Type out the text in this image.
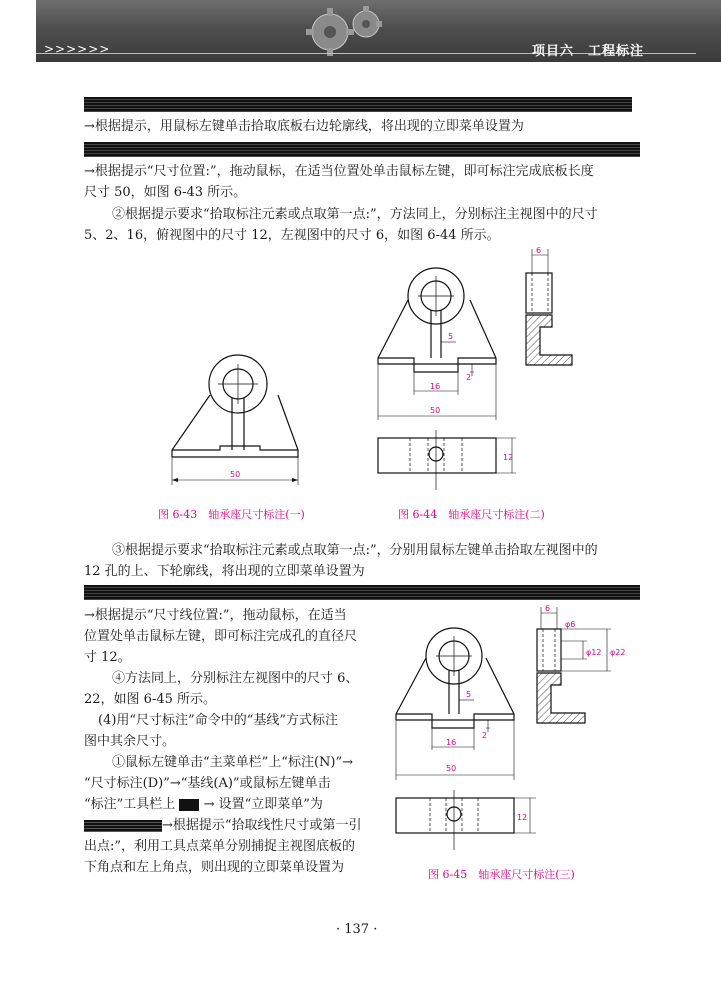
>>>>>>	项目六　工程标注
→根据提示，用鼠标左键单击拾取底板右边轮廓线，将出现的立即菜单设置为
→根据提示“尺寸位置:”，拖动鼠标，在适当位置处单击鼠标左键，即可标注完成底板长度
尺寸 50，如图 6-43 所示。
②根据提示要求“拾取标注元素或点取第一点:”，方法同上，分别标注主视图中的尺寸
5、2、16，俯视图中的尺寸 12，左视图中的尺寸 6，如图 6-44 所示。
50
图 6-43　轴承座尺寸标注(一)
5
2
16
50
6
12
图 6-44　轴承座尺寸标注(二)
③根据提示要求“拾取标注元素或点取第一点:”，分别用鼠标左键单击拾取左视图中的
12 孔的上、下轮廓线，将出现的立即菜单设置为
→根据提示“尺寸线位置:”，拖动鼠标，在适当
位置处单击鼠标左键，即可标注完成孔的直径尺
寸 12。
④方法同上，分别标注左视图中的尺寸 6、
22，如图 6-45 所示。
(4)用“尺寸标注”命令中的“基线”方式标注
图中其余尺寸。
①鼠标左键单击“主菜单栏”上“标注(N)”→
“尺寸标注(D)”→“基线(A)”或鼠标左键单击
“标注”工具栏上 → 设置“立即菜单”为
→根据提示“拾取线性尺寸或第一引
出点:”，利用工具点菜单分别捕捉主视图底板的
下角点和左上角点，则出现的立即菜单设置为
5
2
16
50
6
φ6
φ12 φ22
12
图 6-45　轴承座尺寸标注(三)
· 137 ·
